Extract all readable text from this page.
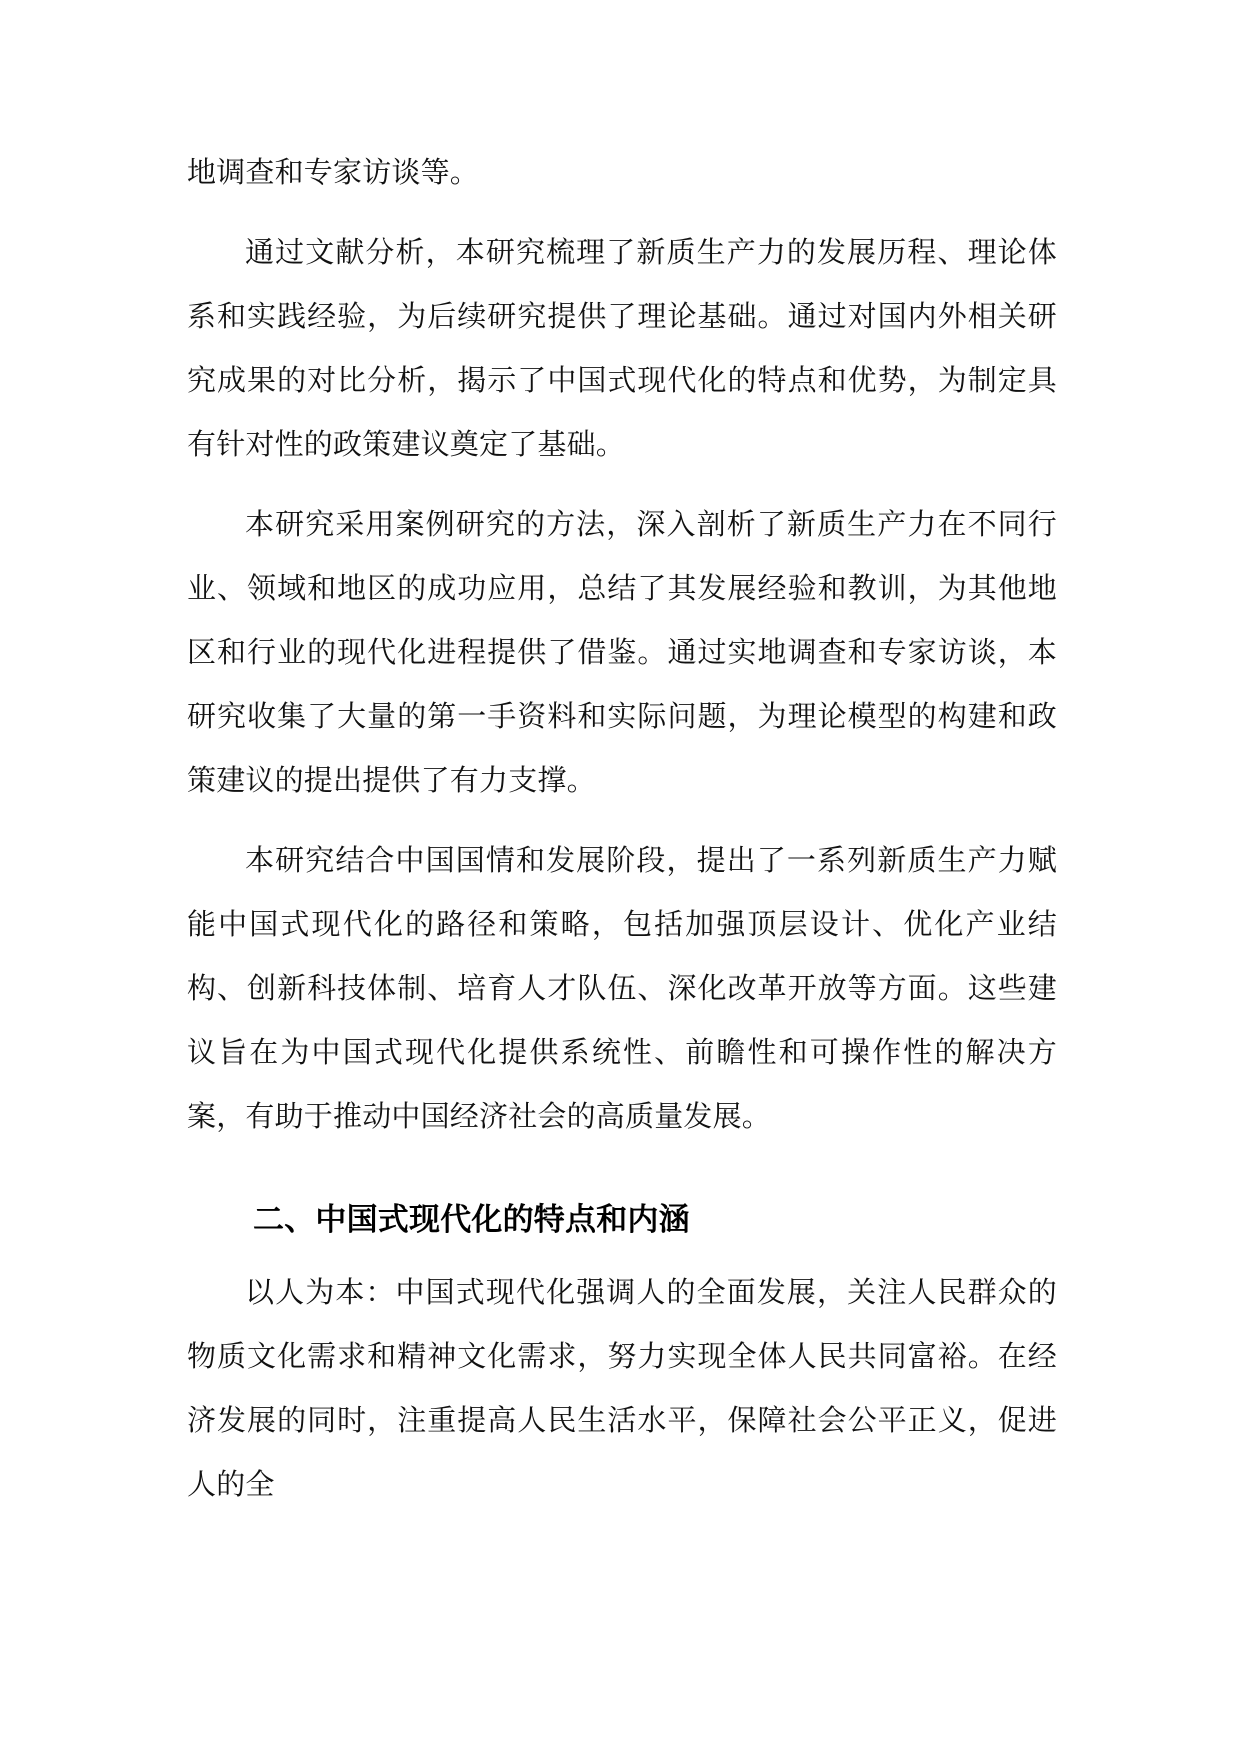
地调查和专家访谈等。

通过文献分析，本研究梳理了新质生产力的发展历程、理论体系和实践经验，为后续研究提供了理论基础。通过对国内外相关研究成果的对比分析，揭示了中国式现代化的特点和优势，为制定具有针对性的政策建议奠定了基础。

本研究采用案例研究的方法，深入剖析了新质生产力在不同行业、领域和地区的成功应用，总结了其发展经验和教训，为其他地区和行业的现代化进程提供了借鉴。通过实地调查和专家访谈，本研究收集了大量的第一手资料和实际问题，为理论模型的构建和政策建议的提出提供了有力支撑。

本研究结合中国国情和发展阶段，提出了一系列新质生产力赋能中国式现代化的路径和策略，包括加强顶层设计、优化产业结构、创新科技体制、培育人才队伍、深化改革开放等方面。这些建议旨在为中国式现代化提供系统性、前瞻性和可操作性的解决方案，有助于推动中国经济社会的高质量发展。

二、中国式现代化的特点和内涵

以人为本：中国式现代化强调人的全面发展，关注人民群众的物质文化需求和精神文化需求，努力实现全体人民共同富裕。在经济发展的同时，注重提高人民生活水平，保障社会公平正义，促进人的全
